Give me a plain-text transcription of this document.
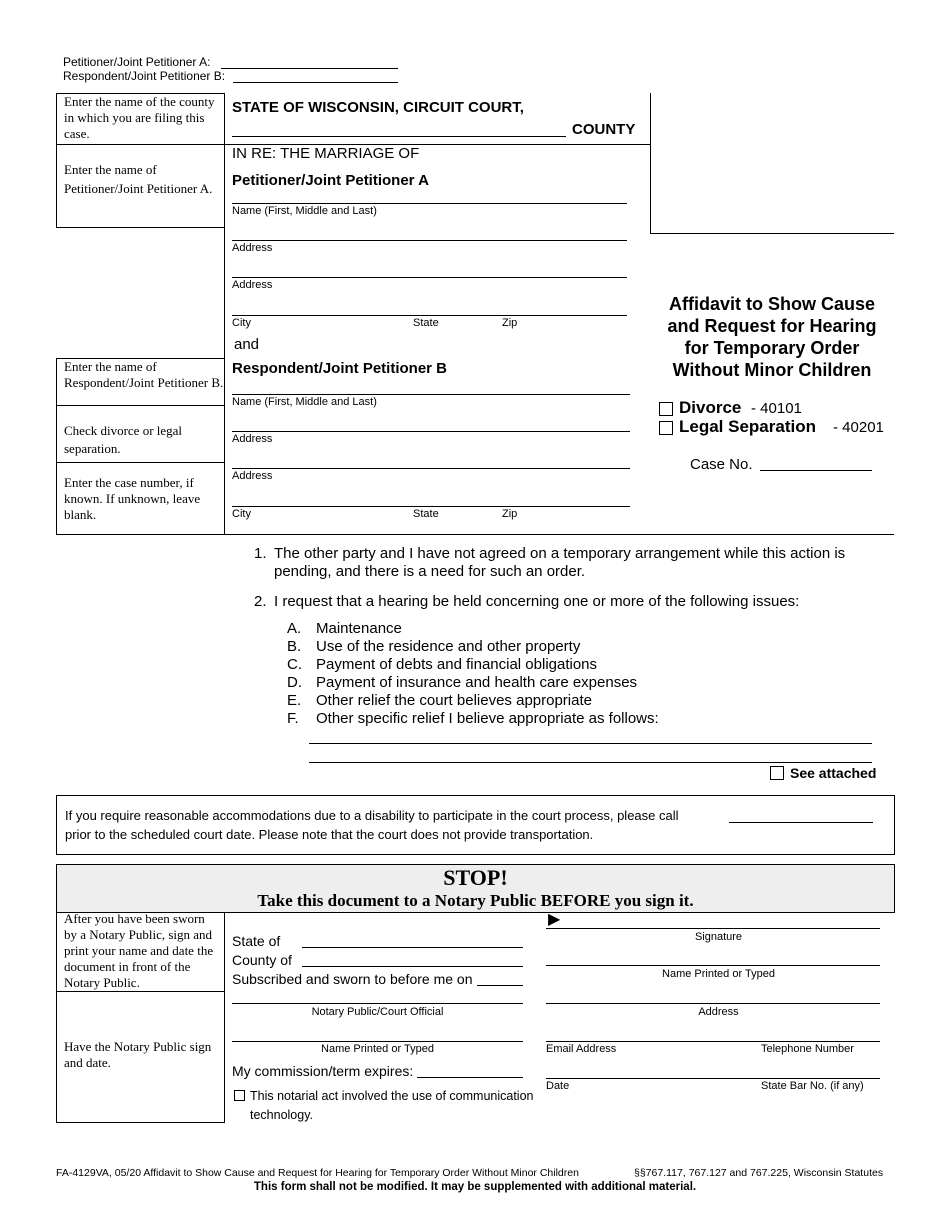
Petitioner/Joint Petitioner A:
Respondent/Joint Petitioner B:
Enter the name of the county in which you are filing this case.
Enter the name of Petitioner/Joint Petitioner A.
Enter the name of Respondent/Joint Petitioner B.
Check divorce or legal separation.
Enter the case number, if known. If unknown, leave blank.
STATE OF WISCONSIN, CIRCUIT COURT,
COUNTY
IN RE: THE MARRIAGE OF
Petitioner/Joint Petitioner A
Name (First, Middle and Last)
Address
Address
City	State	Zip
and
Respondent/Joint Petitioner B
Name (First, Middle and Last)
Address
Address
City	State	Zip
Affidavit to Show Cause
and Request for Hearing
for Temporary Order
Without Minor Children
Divorce - 40101
Legal Separation - 40201
Case No.
1. The other party and I have not agreed on a temporary arrangement while this action is pending, and there is a need for such an order.
2. I request that a hearing be held concerning one or more of the following issues:
A. Maintenance
B. Use of the residence and other property
C. Payment of debts and financial obligations
D. Payment of insurance and health care expenses
E. Other relief the court believes appropriate
F. Other specific relief I believe appropriate as follows:
See attached
If you require reasonable accommodations due to a disability to participate in the court process, please call
prior to the scheduled court date. Please note that the court does not provide transportation.
STOP!
Take this document to a Notary Public BEFORE you sign it.
After you have been sworn by a Notary Public, sign and print your name and date the document in front of the Notary Public.
Have the Notary Public sign and date.
State of
County of
Subscribed and sworn to before me on
Notary Public/Court Official
Name Printed or Typed
My commission/term expires:
This notarial act involved the use of communication technology.
▶
Signature
Name Printed or Typed
Address
Email Address	Telephone Number
Date	State Bar No. (if any)
FA-4129VA, 05/20 Affidavit to Show Cause and Request for Hearing for Temporary Order Without Minor Children	§§767.117, 767.127 and 767.225, Wisconsin Statutes
This form shall not be modified. It may be supplemented with additional material.
